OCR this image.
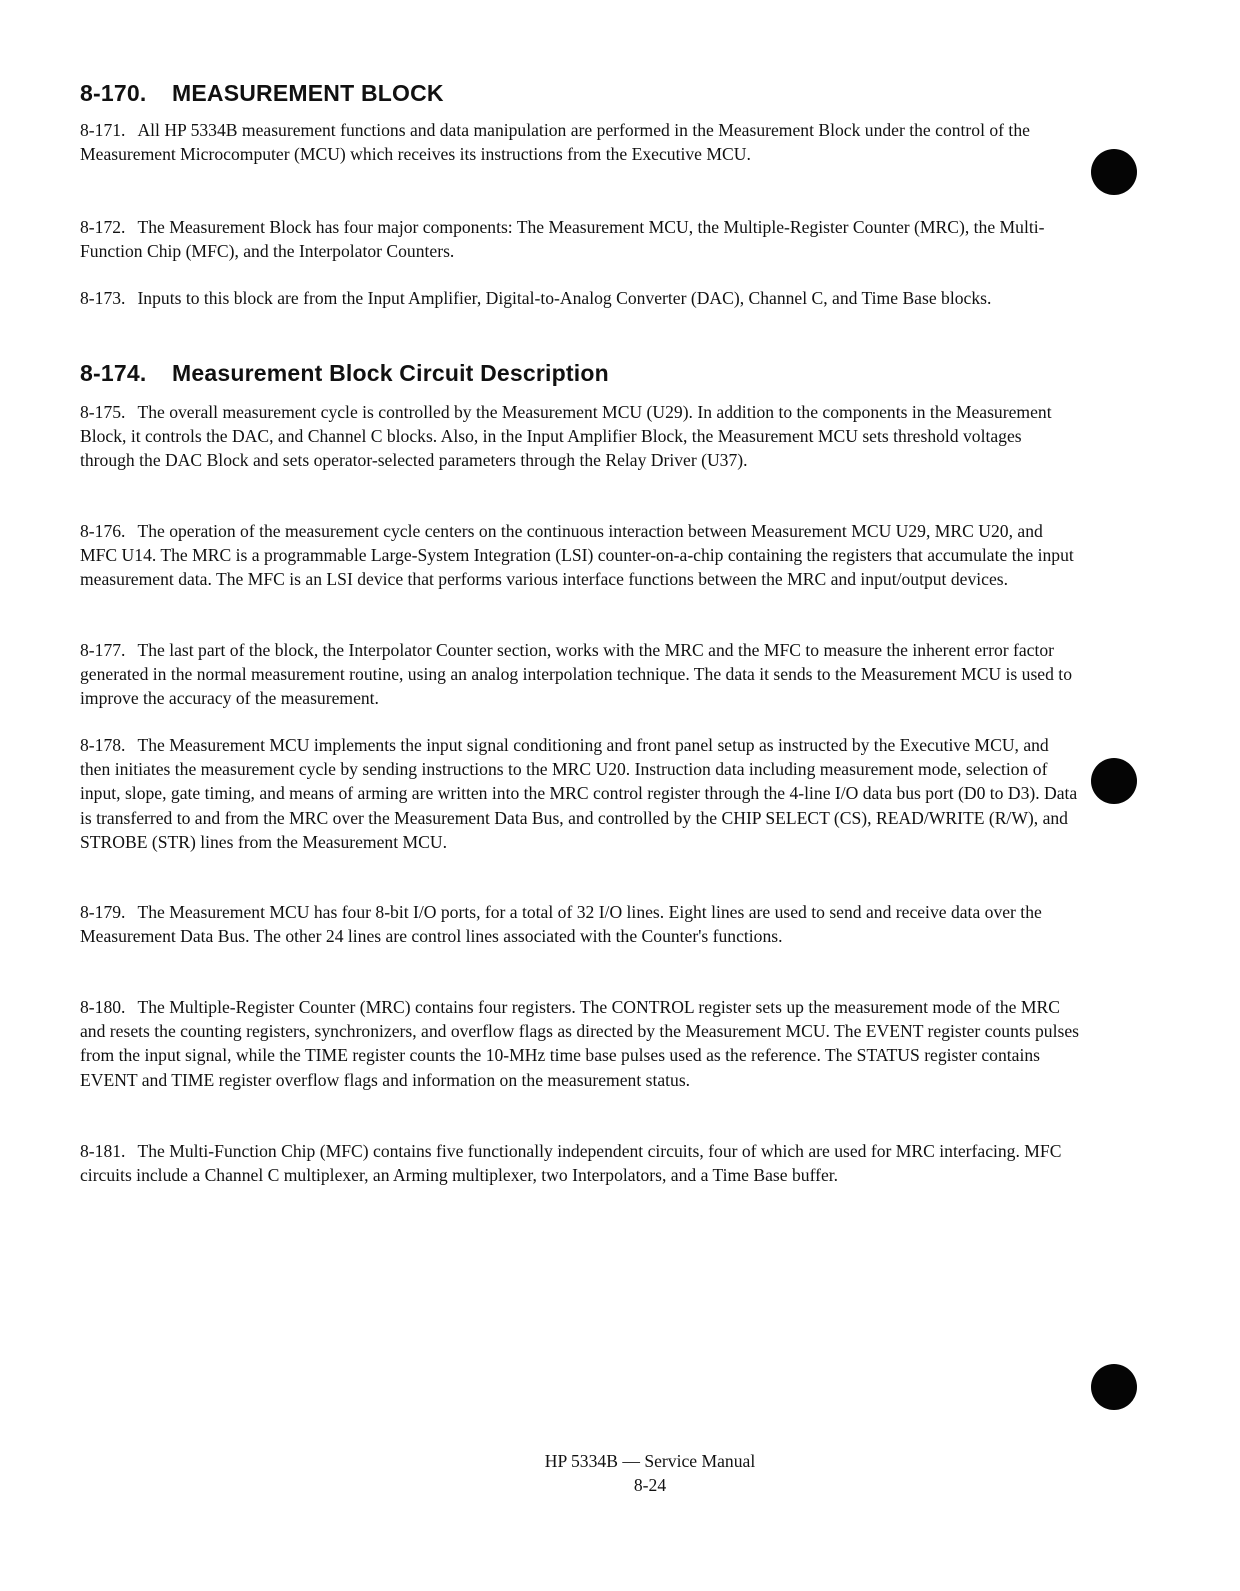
8-170. MEASUREMENT BLOCK

8-171. All HP 5334B measurement functions and data manipulation are performed in the Measurement Block under the control of the Measurement Microcomputer (MCU) which receives its instructions from the Executive MCU.

8-172. The Measurement Block has four major components: The Measurement MCU, the Multiple-Register Counter (MRC), the Multi-Function Chip (MFC), and the Interpolator Counters.

8-173. Inputs to this block are from the Input Amplifier, Digital-to-Analog Converter (DAC), Channel C, and Time Base blocks.

8-174. Measurement Block Circuit Description

8-175. The overall measurement cycle is controlled by the Measurement MCU (U29). In addition to the components in the Measurement Block, it controls the DAC, and Channel C blocks. Also, in the Input Amplifier Block, the Measurement MCU sets threshold voltages through the DAC Block and sets operator-selected parameters through the Relay Driver (U37).

8-176. The operation of the measurement cycle centers on the continuous interaction between Measurement MCU U29, MRC U20, and MFC U14. The MRC is a programmable Large-System Integration (LSI) counter-on-a-chip containing the registers that accumulate the input measurement data. The MFC is an LSI device that performs various interface functions between the MRC and input/output devices.

8-177. The last part of the block, the Interpolator Counter section, works with the MRC and the MFC to measure the inherent error factor generated in the normal measurement routine, using an analog interpolation technique. The data it sends to the Measurement MCU is used to improve the accuracy of the measurement.

8-178. The Measurement MCU implements the input signal conditioning and front panel setup as instructed by the Executive MCU, and then initiates the measurement cycle by sending instructions to the MRC U20. Instruction data including measurement mode, selection of input, slope, gate timing, and means of arming are written into the MRC control register through the 4-line I/O data bus port (D0 to D3). Data is transferred to and from the MRC over the Measurement Data Bus, and controlled by the CHIP SELECT (CS), READ/WRITE (R/W), and STROBE (STR) lines from the Measurement MCU.

8-179. The Measurement MCU has four 8-bit I/O ports, for a total of 32 I/O lines. Eight lines are used to send and receive data over the Measurement Data Bus. The other 24 lines are control lines associated with the Counter's functions.

8-180. The Multiple-Register Counter (MRC) contains four registers. The CONTROL register sets up the measurement mode of the MRC and resets the counting registers, synchronizers, and overflow flags as directed by the Measurement MCU. The EVENT register counts pulses from the input signal, while the TIME register counts the 10-MHz time base pulses used as the reference. The STATUS register contains EVENT and TIME register overflow flags and information on the measurement status.

8-181. The Multi-Function Chip (MFC) contains five functionally independent circuits, four of which are used for MRC interfacing. MFC circuits include a Channel C multiplexer, an Arming multiplexer, two Interpolators, and a Time Base buffer.

HP 5334B — Service Manual
8-24
